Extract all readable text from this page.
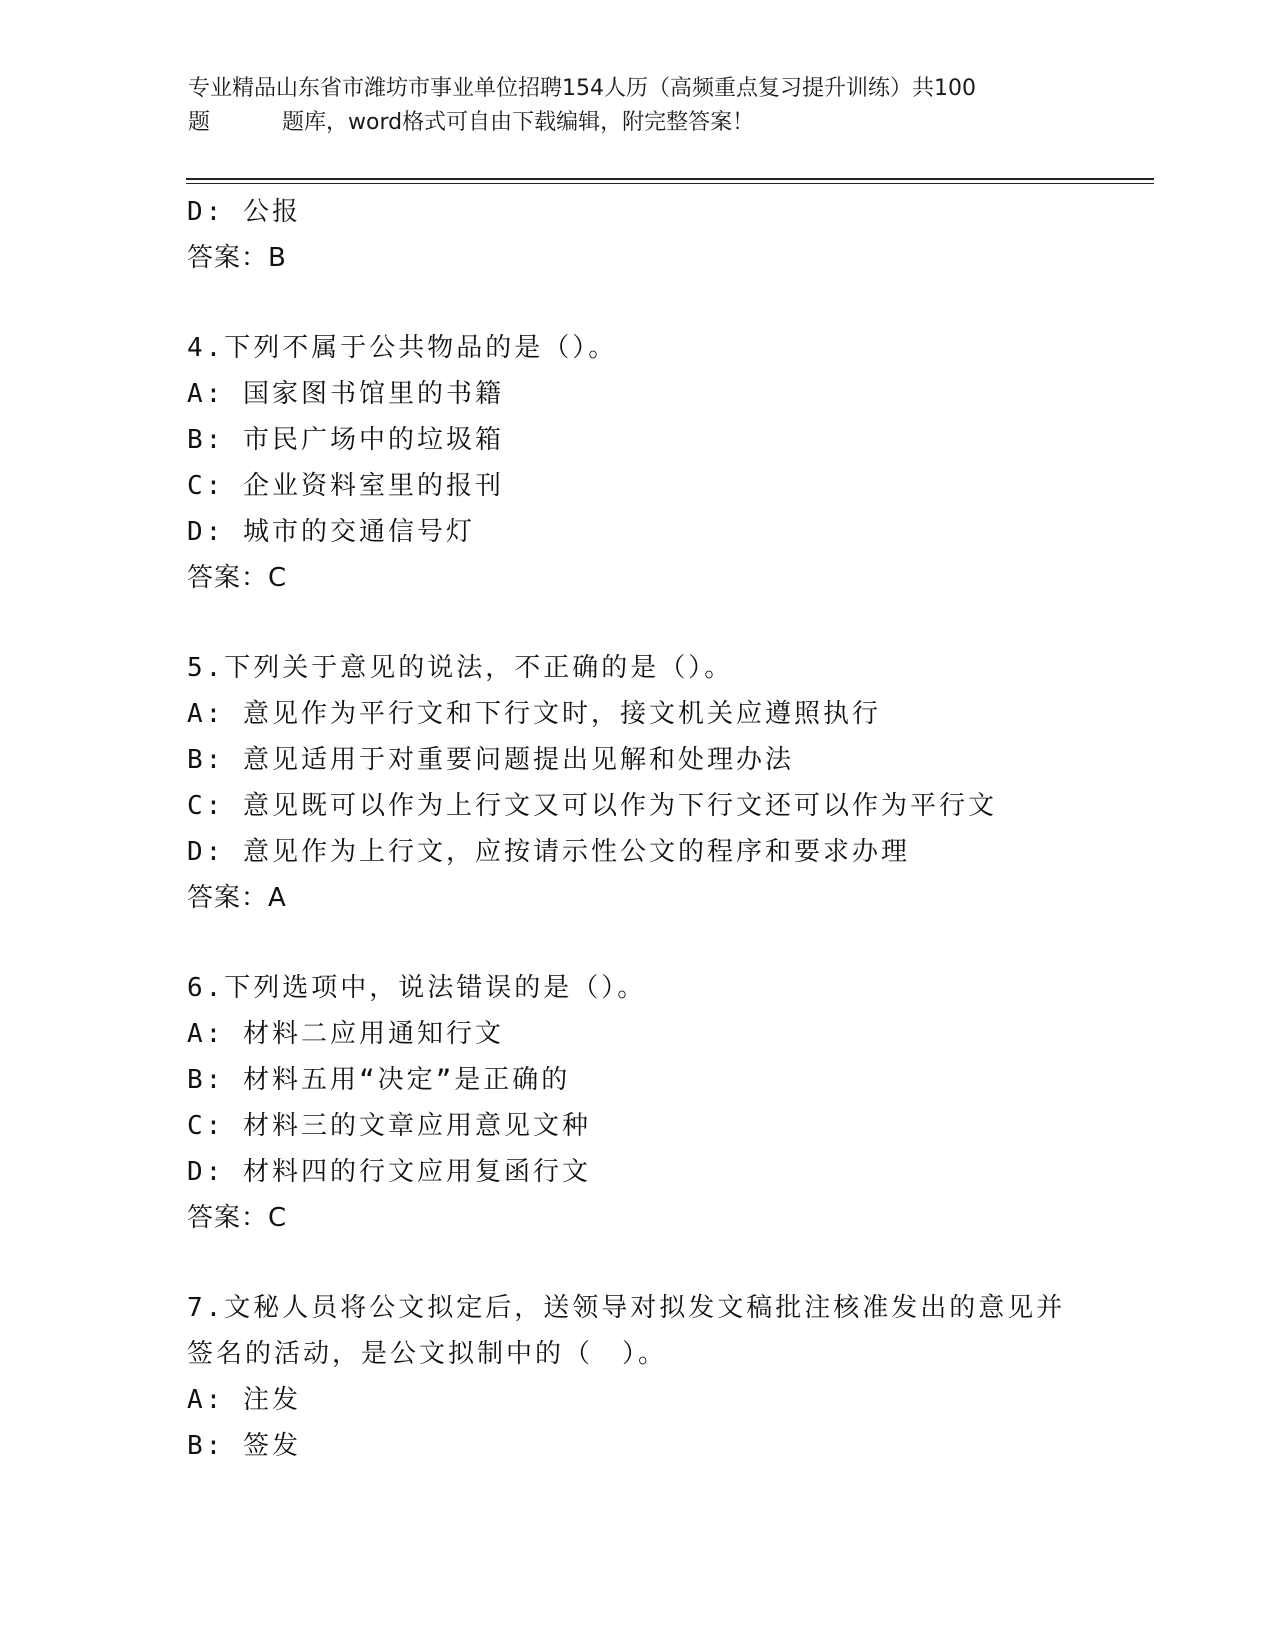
专业精品山东省市潍坊市事业单位招聘154人历（高频重点复习提升训练）共100
题	题库，word格式可自由下载编辑，附完整答案！
D: 公报
答案：B
4.下列不属于公共物品的是（）。
A: 国家图书馆里的书籍
B: 市民广场中的垃圾箱
C: 企业资料室里的报刊
D: 城市的交通信号灯
答案：C
5.下列关于意见的说法，不正确的是（）。
A: 意见作为平行文和下行文时，接文机关应遵照执行
B: 意见适用于对重要问题提出见解和处理办法
C: 意见既可以作为上行文又可以作为下行文还可以作为平行文
D: 意见作为上行文，应按请示性公文的程序和要求办理
答案：A
6.下列选项中，说法错误的是（）。
A: 材料二应用通知行文
B: 材料五用“决定”是正确的
C: 材料三的文章应用意见文种
D: 材料四的行文应用复函行文
答案：C
7.文秘人员将公文拟定后，送领导对拟发文稿批注核准发出的意见并
签名的活动，是公文拟制中的（　）。
A: 注发
B: 签发
